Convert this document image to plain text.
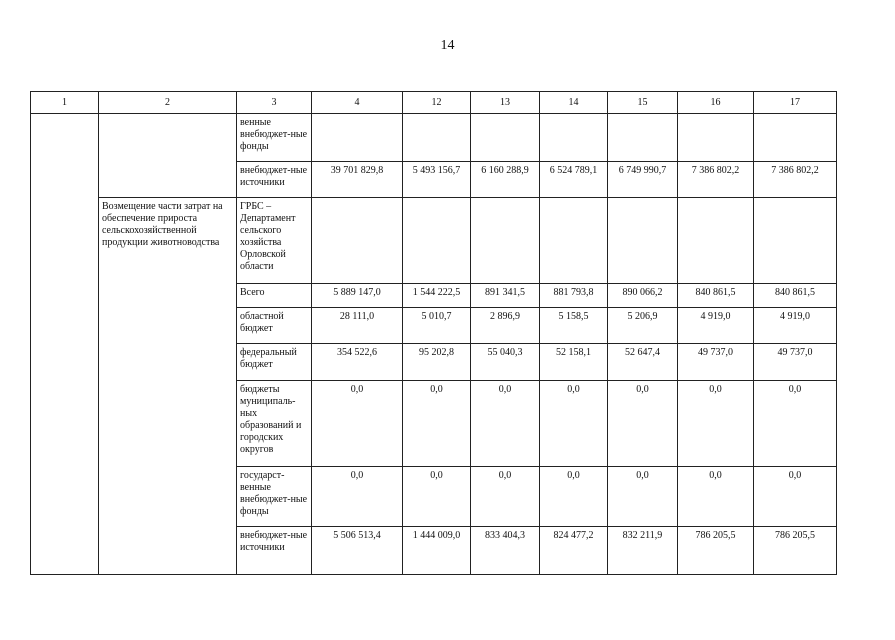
14
1	2	3	4	12	13	14	15	16	17
		венные внебюджет-ные фонды							
		внебюджет-ные источники	39 701 829,8	5 493 156,7	6 160 288,9	6 524 789,1	6 749 990,7	7 386 802,2	7 386 802,2
	Возмещение части затрат на обеспечение прироста сельскохозяйственной продукции животноводства	ГРБС – Департамент сельского хозяйства Орловской области							
		Всего	5 889 147,0	1 544 222,5	891 341,5	881 793,8	890 066,2	840 861,5	840 861,5
		областной бюджет	28 111,0	5 010,7	2 896,9	5 158,5	5 206,9	4 919,0	4 919,0
		федеральный бюджет	354 522,6	95 202,8	55 040,3	52 158,1	52 647,4	49 737,0	49 737,0
		бюджеты муниципаль-ных образований и городских округов	0,0	0,0	0,0	0,0	0,0	0,0	0,0
		государст-венные внебюджет-ные фонды	0,0	0,0	0,0	0,0	0,0	0,0	0,0
		внебюджет-ные источники	5 506 513,4	1 444 009,0	833 404,3	824 477,2	832 211,9	786 205,5	786 205,5
